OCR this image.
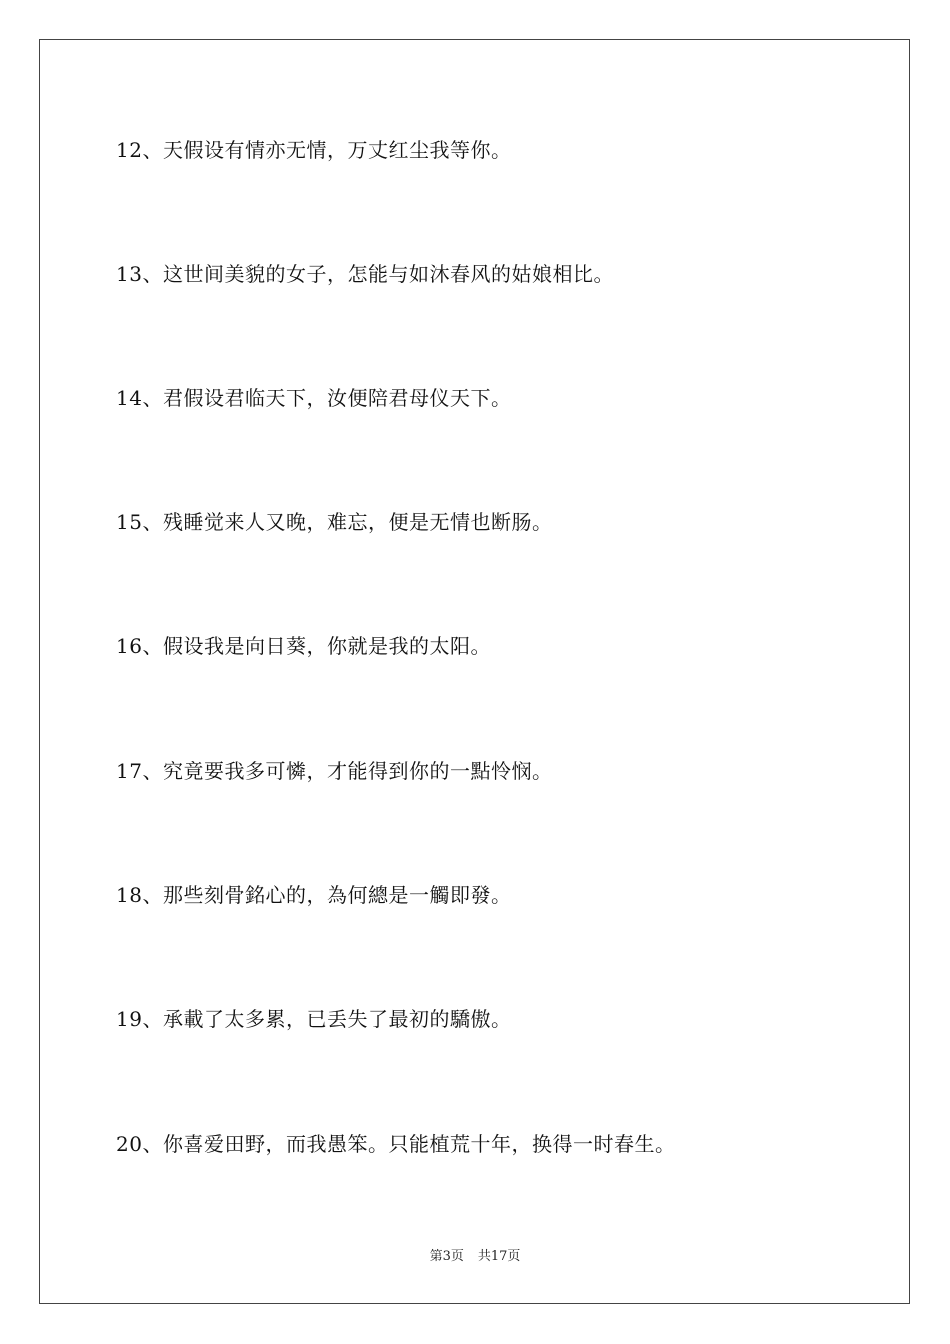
12、天假设有情亦无情，万丈红尘我等你。
13、这世间美貌的女子，怎能与如沐春风的姑娘相比。
14、君假设君临天下，汝便陪君母仪天下。
15、残睡觉来人又晚，难忘，便是无情也断肠。
16、假设我是向日葵，你就是我的太阳。
17、究竟要我多可憐，才能得到你的一點怜悯。
18、那些刻骨銘心的，為何總是一觸即發。
19、承載了太多累，已丢失了最初的驕傲。
20、你喜爱田野，而我愚笨。只能植荒十年，换得一时春生。
第3页 共17页
